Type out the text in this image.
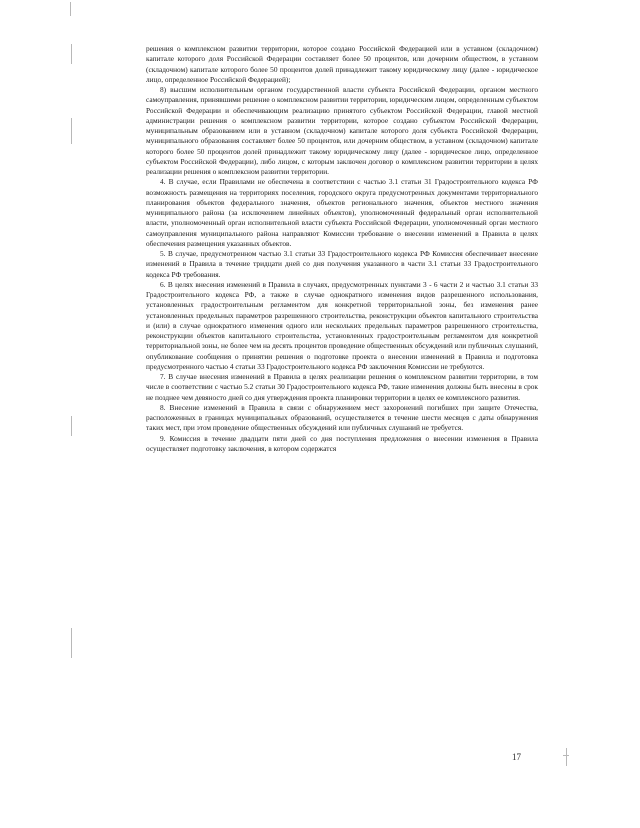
решения о комплексном развитии территории, которое создано Российской Федерацией или в уставном (складочном) капитале которого доля Российской Федерации составляет более 50 процентов, или дочерним обществом, в уставном (складочном) капитале которого более 50 процентов долей принадлежит такому юридическому лицу (далее - юридическое лицо, определенное Российской Федерацией);

8) высшим исполнительным органом государственной власти субъекта Российской Федерации, органом местного самоуправления, принявшими решение о комплексном развитии территории, юридическим лицом, определенным субъектом Российской Федерации и обеспечивающим реализацию принятого субъектом Российской Федерации, главой местной администрации решения о комплексном развитии территории, которое создано субъектом Российской Федерации, муниципальным образованием или в уставном (складочном) капитале которого доля субъекта Российской Федерации, муниципального образования составляет более 50 процентов, или дочерним обществом, в уставном (складочном) капитале которого более 50 процентов долей принадлежит такому юридическому лицу (далее - юридическое лицо, определенное субъектом Российской Федерации), либо лицом, с которым заключен договор о комплексном развитии территории в целях реализации решения о комплексном развитии территории.

4. В случае, если Правилами не обеспечена в соответствии с частью 3.1 статьи 31 Градостроительного кодекса РФ возможность размещения на территориях поселения, городского округа предусмотренных документами территориального планирования объектов федерального значения, объектов регионального значения, объектов местного значения муниципального района (за исключением линейных объектов), уполномоченный федеральный орган исполнительной власти, уполномоченный орган исполнительной власти субъекта Российской Федерации, уполномоченный орган местного самоуправления муниципального района направляют Комиссии требование о внесении изменений в Правила в целях обеспечения размещения указанных объектов.

5. В случае, предусмотренном частью 3.1 статьи 33 Градостроительного кодекса РФ Комиссия обеспечивает внесение изменений в Правила в течение тридцати дней со дня получения указанного в части 3.1 статьи 33 Градостроительного кодекса РФ требования.

6. В целях внесения изменений в Правила в случаях, предусмотренных пунктами 3 - 6 части 2 и частью 3.1 статьи 33 Градостроительного кодекса РФ, а также в случае однократного изменения видов разрешенного использования, установленных градостроительным регламентом для конкретной территориальной зоны, без изменения ранее установленных предельных параметров разрешенного строительства, реконструкции объектов капитального строительства и (или) в случае однократного изменения одного или нескольких предельных параметров разрешенного строительства, реконструкции объектов капитального строительства, установленных градостроительным регламентом для конкретной территориальной зоны, не более чем на десять процентов проведение общественных обсуждений или публичных слушаний, опубликование сообщения о принятии решения о подготовке проекта о внесении изменений в Правила и подготовка предусмотренного частью 4 статьи 33 Градостроительного кодекса РФ заключения Комиссии не требуются.

7. В случае внесения изменений в Правила в целях реализации решения о комплексном развитии территории, в том числе в соответствии с частью 5.2 статьи 30 Градостроительного кодекса РФ, такие изменения должны быть внесены в срок не позднее чем девяносто дней со дня утверждения проекта планировки территории в целях ее комплексного развития.

8. Внесение изменений в Правила в связи с обнаружением мест захоронений погибших при защите Отечества, расположенных в границах муниципальных образований, осуществляется в течение шести месяцев с даты обнаружения таких мест, при этом проведение общественных обсуждений или публичных слушаний не требуется.

9. Комиссия в течение двадцати пяти дней со дня поступления предложения о внесении изменения в Правила осуществляет подготовку заключения, в котором содержатся

17
